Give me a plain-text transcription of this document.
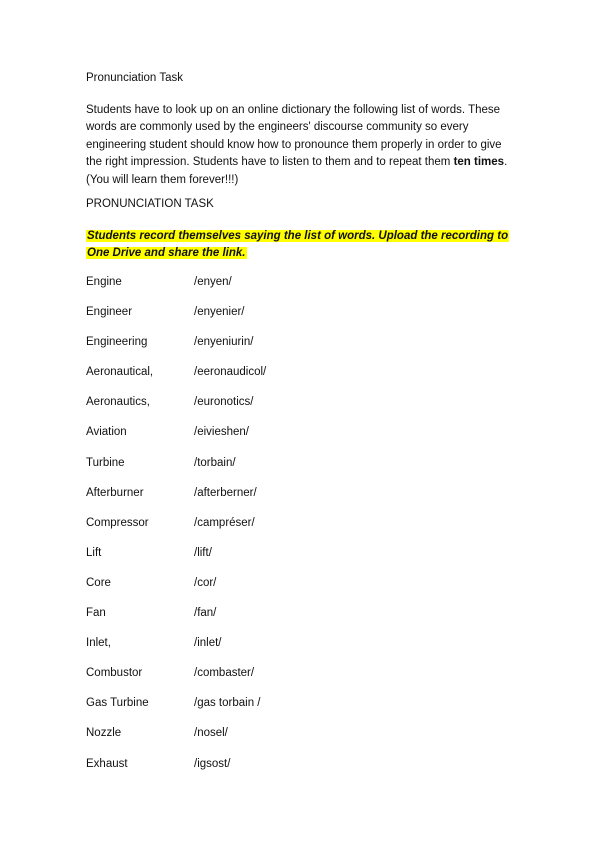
Pronunciation Task
Students have to look up on an online dictionary the following list of words. These words are commonly used by the engineers' discourse community so every engineering student should know how to pronounce them properly in order to give the right impression. Students have to listen to them and to repeat them ten times. (You will learn them forever!!!)
PRONUNCIATION TASK
Students record themselves saying the list of words. Upload the recording to One Drive and share the link.
Engine	/enyen/
Engineer	/enyenier/
Engineering	/enyeniurin/
Aeronautical,	/eeronaudicol/
Aeronautics,	/euronotics/
Aviation	/eivieshen/
Turbine	/torbain/
Afterburner	/afterberner/
Compressor	/campréser/
Lift	/lift/
Core	/cor/
Fan	/fan/
Inlet,	/inlet/
Combustor	/combaster/
Gas Turbine	/gas torbain /
Nozzle	/nosel/
Exhaust	/igsost/
